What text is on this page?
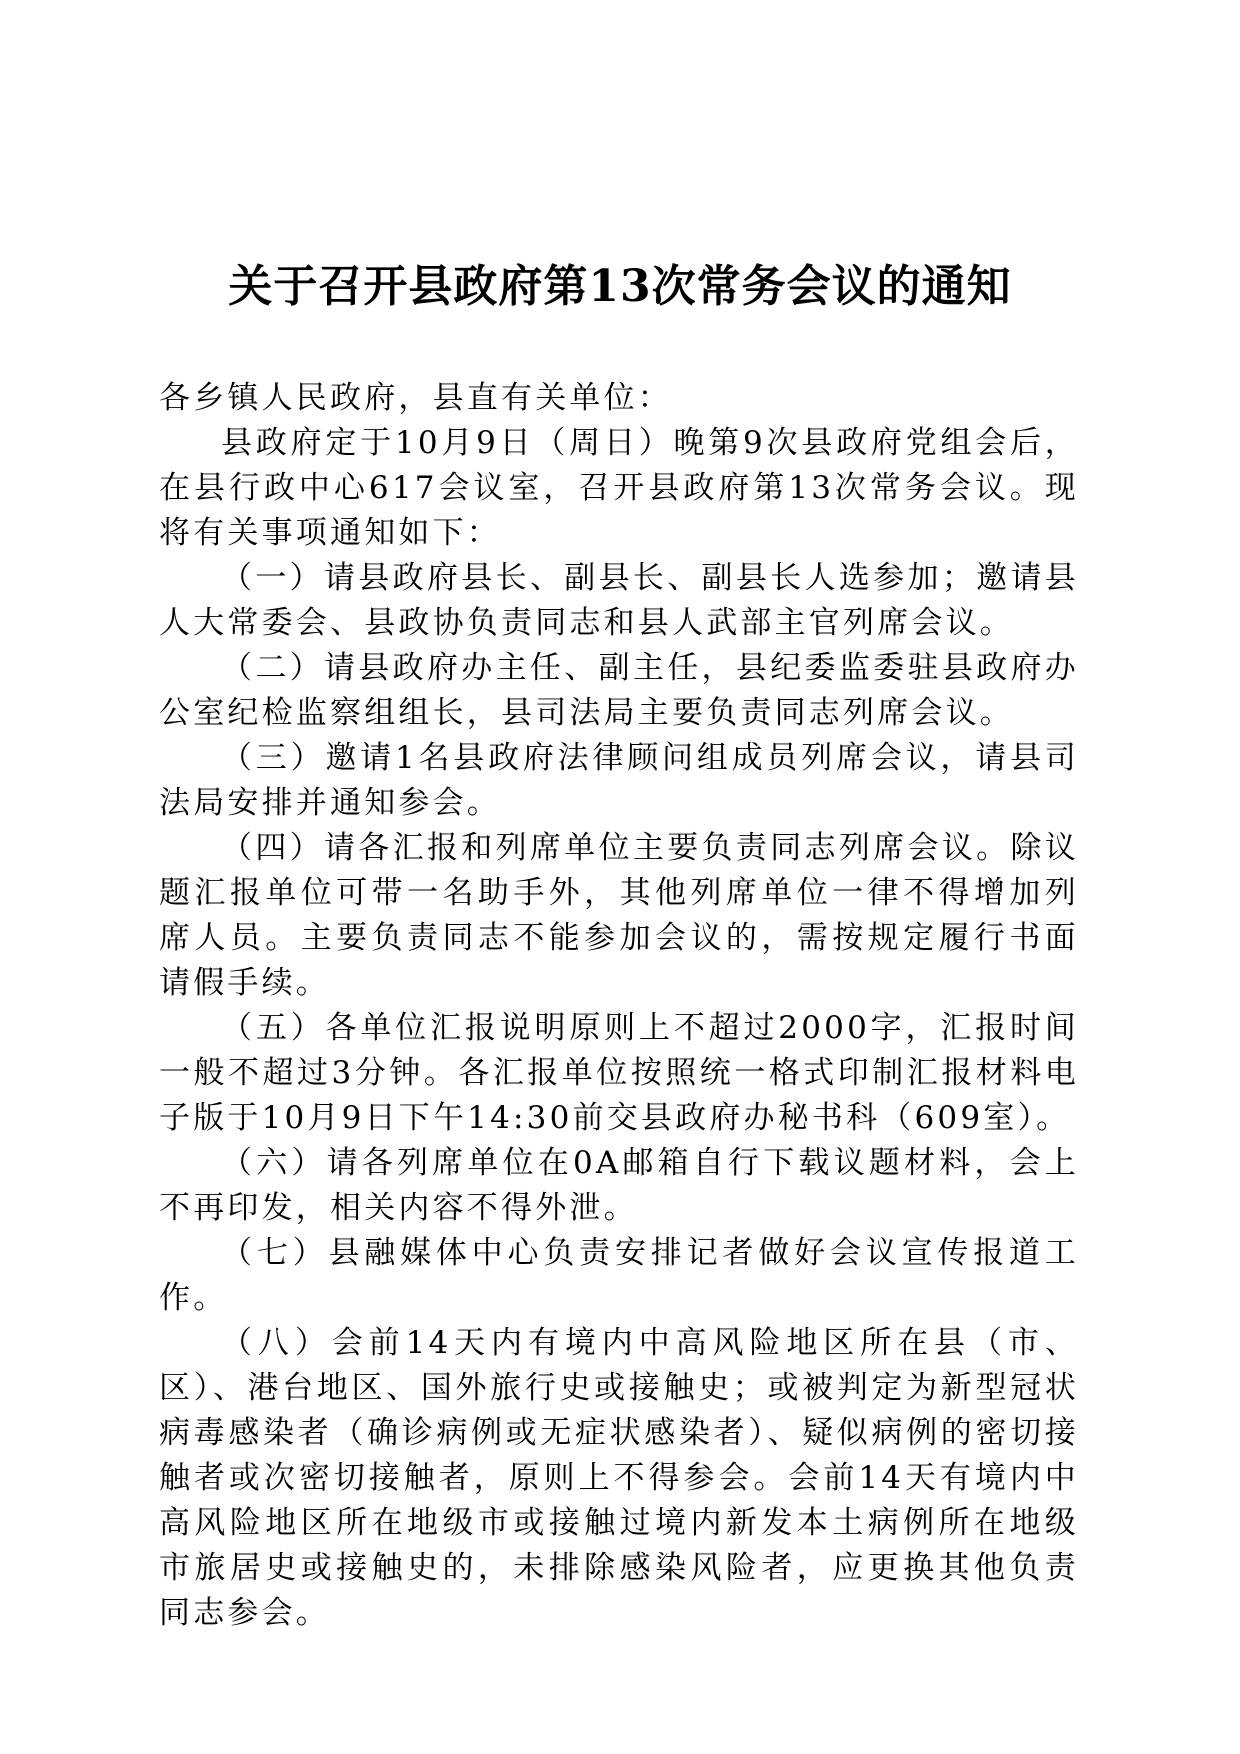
关于召开县政府第13次常务会议的通知

各乡镇人民政府，县直有关单位：

县政府定于10月9日（周日）晚第9次县政府党组会后，在县行政中心617会议室，召开县政府第13次常务会议。现将有关事项通知如下：

（一）请县政府县长、副县长、副县长人选参加；邀请县人大常委会、县政协负责同志和县人武部主官列席会议。

（二）请县政府办主任、副主任，县纪委监委驻县政府办公室纪检监察组组长，县司法局主要负责同志列席会议。

（三）邀请1名县政府法律顾问组成员列席会议，请县司法局安排并通知参会。

（四）请各汇报和列席单位主要负责同志列席会议。除议题汇报单位可带一名助手外，其他列席单位一律不得增加列席人员。主要负责同志不能参加会议的，需按规定履行书面请假手续。

（五）各单位汇报说明原则上不超过2000字，汇报时间一般不超过3分钟。各汇报单位按照统一格式印制汇报材料电子版于10月9日下午14:30前交县政府办秘书科（609室）。

（六）请各列席单位在0A邮箱自行下载议题材料，会上不再印发，相关内容不得外泄。

（七）县融媒体中心负责安排记者做好会议宣传报道工作。

（八）会前14天内有境内中高风险地区所在县（市、区）、港台地区、国外旅行史或接触史；或被判定为新型冠状病毒感染者（确诊病例或无症状感染者）、疑似病例的密切接触者或次密切接触者，原则上不得参会。会前14天有境内中高风险地区所在地级市或接触过境内新发本土病例所在地级市旅居史或接触史的，未排除感染风险者，应更换其他负责同志参会。
